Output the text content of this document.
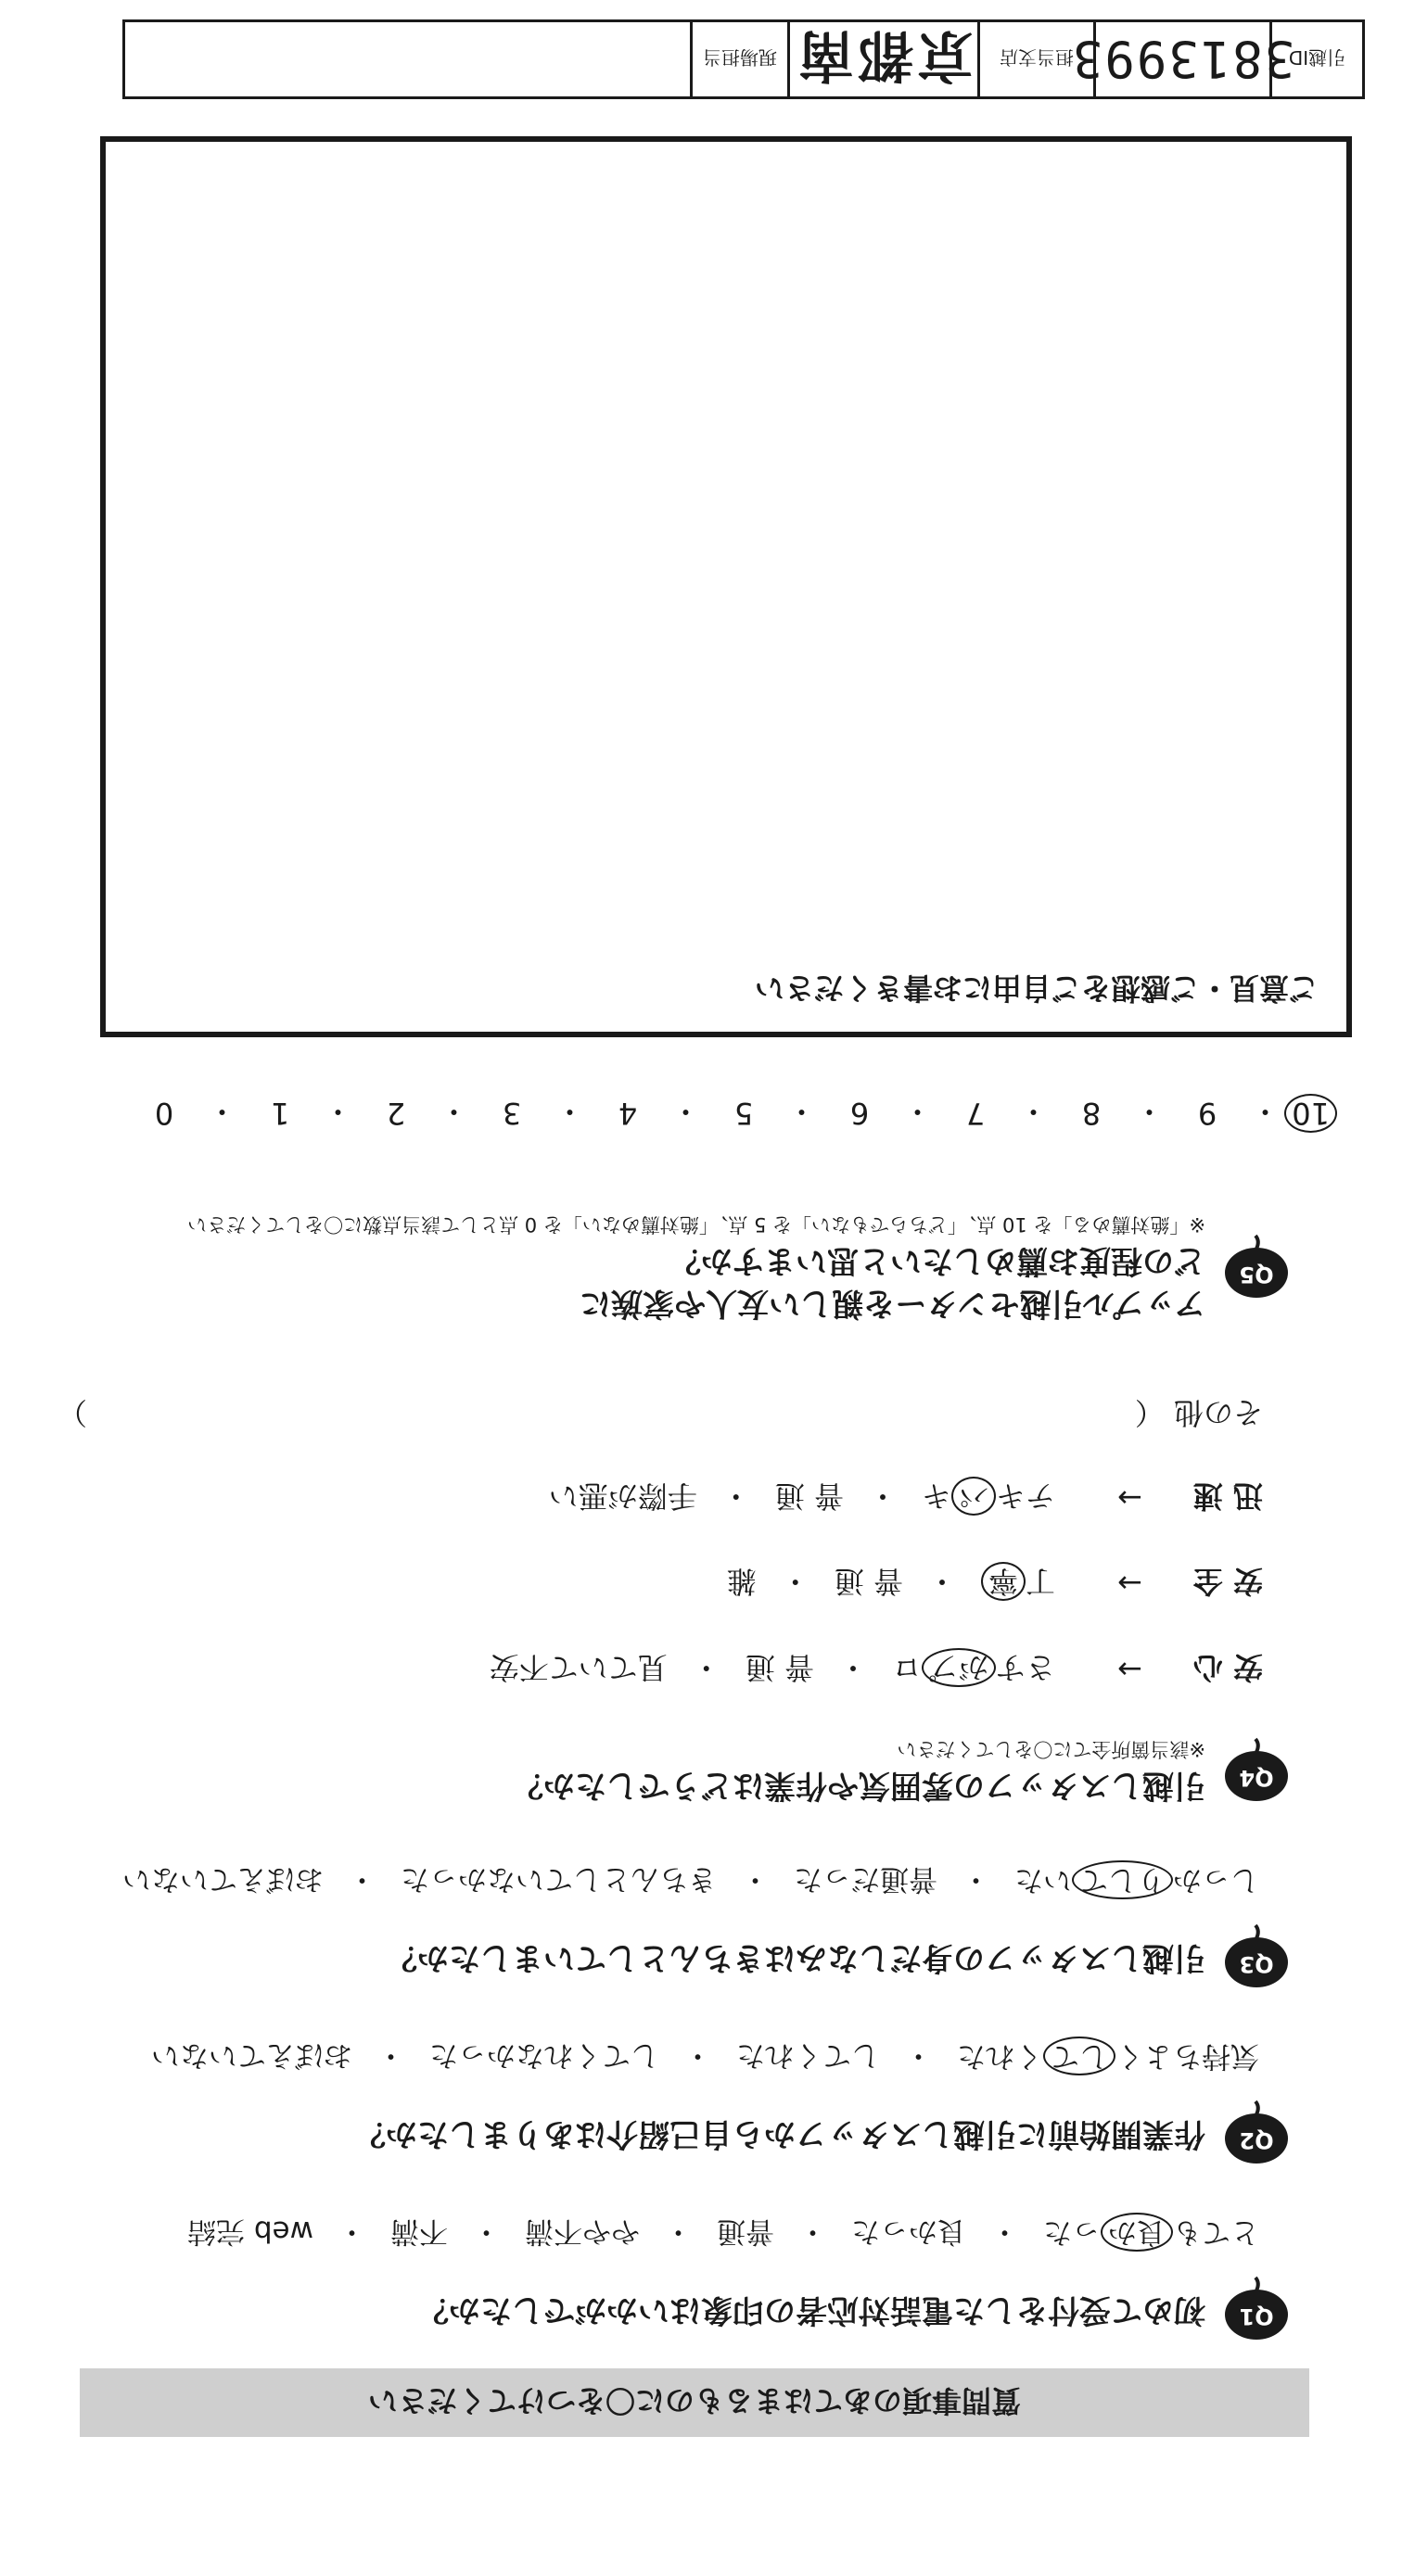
引越ID
3813993
担当支店
京都南
現場担当
質問事項のあてはまるものに〇をつけてください
Q1
初めて受付をした電話対応者の印象はいかがでしたか？
とても良かった
・
良かった
・
普通
・
やや不満
・
不満
・
web 完結
Q2
作業開始前に引越しスタッフから自己紹介はありましたか？
気持ちよくしてくれた
・
してくれた
・
してくれなかった
・
おぼえていない
Q3
引越しスタッフの身だしなみはきちんとしていましたか？
しっかりしていた
・
普通だった
・
きちんとしていなかった
・
おぼえていない
Q4
引越しスタッフの雰囲気や作業はどうでしたか？
※該当箇所全てに〇をしてください
安 心
→
さすがプロ
・
普 通
・
見ていて不安
安 全
→
丁寧
・
普 通
・
雑
迅 速
→
テキパキ
・
普 通
・
手際が悪い
その他 （
）
Q5
アップル引越センターを親しい友人や家族に
どの程度お薦めしたいと思いますか？
※「絶対薦める」を 10 点、「どちらでもない」を 5 点、「絶対薦めない」を 0 点として該当点数に〇をしてください
10
・
9
・
8
・
7
・
6
・
5
・
4
・
3
・
2
・
1
・
0
ご意見・ご感想をご自由にお書きください
